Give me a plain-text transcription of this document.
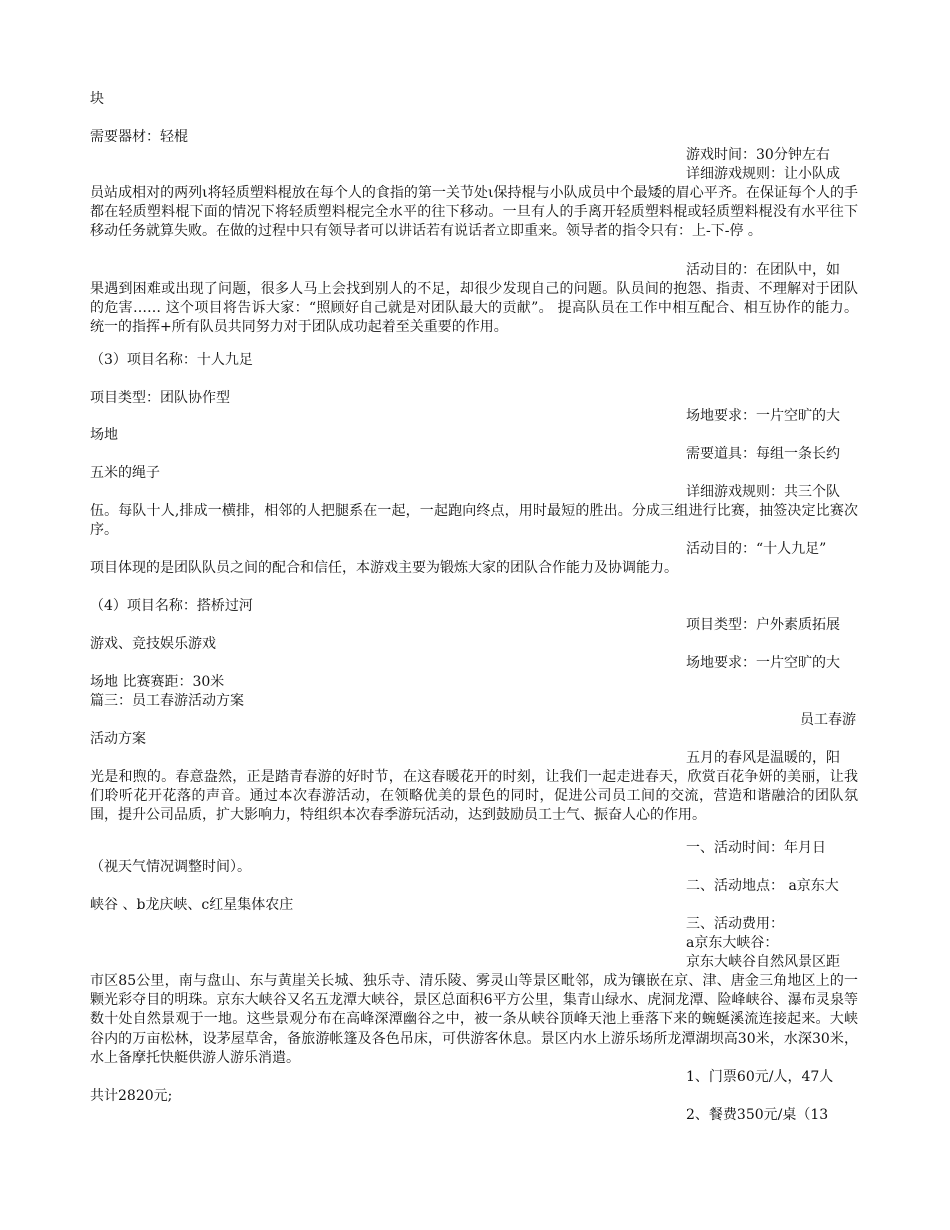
块
需要器材：轻棍
游戏时间：30分钟左右
详细游戏规则：让小队成
员站成相对的两列ι将轻质塑料棍放在每个人的食指的第一关节处ι保持棍与小队成员中个最矮的眉心平齐。在保证每个人的手都在轻质塑料棍下面的情况下将轻质塑料棍完全水平的往下移动。一旦有人的手离开轻质塑料棍或轻质塑料棍没有水平往下移动任务就算失败。在做的过程中只有领导者可以讲话若有说话者立即重来。领导者的指令只有：上-下-停 。
活动目的：在团队中，如
果遇到困难或出现了问题，很多人马上会找到别人的不足，却很少发现自己的问题。队员间的抱怨、指责、不理解对于团队的危害…… 这个项目将告诉大家：“照顾好自己就是对团队最大的贡献”。 提高队员在工作中相互配合、相互协作的能力。 统一的指挥+所有队员共同努力对于团队成功起着至关重要的作用。
（3）项目名称：十人九足
项目类型：团队协作型
场地要求：一片空旷的大
场地
需要道具：每组一条长约
五米的绳子
详细游戏规则：共三个队
伍。每队十人,排成一横排，相邻的人把腿系在一起，一起跑向终点，用时最短的胜出。分成三组进行比赛，抽签决定比赛次序。
活动目的：“十人九足”
项目体现的是团队队员之间的配合和信任，本游戏主要为锻炼大家的团队合作能力及协调能力。
（4）项目名称：搭桥过河
项目类型：户外素质拓展
游戏、竞技娱乐游戏
场地要求：一片空旷的大
场地 比赛赛距：30米
篇三：员工春游活动方案
员工春游
活动方案
五月的春风是温暖的，阳
光是和煦的。春意盎然，正是踏青春游的好时节，在这春暖花开的时刻，让我们一起走进春天，欣赏百花争妍的美丽，让我们聆听花开花落的声音。通过本次春游活动，在领略优美的景色的同时，促进公司员工间的交流，营造和谐融洽的团队氛围，提升公司品质，扩大影响力，特组织本次春季游玩活动，达到鼓励员工士气、振奋人心的作用。
一、活动时间：年月日
（视天气情况调整时间）。
二、活动地点： a京东大
峡谷 、b龙庆峡、c红星集体农庄
三、活动费用：
a京东大峡谷：
京东大峡谷自然风景区距
市区85公里，南与盘山、东与黄崖关长城、独乐寺、清乐陵、雾灵山等景区毗邻，成为镶嵌在京、津、唐金三角地区上的一颗光彩夺目的明珠。京东大峡谷又名五龙潭大峡谷，景区总面积6平方公里，集青山绿水、虎洞龙潭、险峰峡谷、瀑布灵泉等数十处自然景观于一地。这些景观分布在高峰深潭幽谷之中，被一条从峡谷顶峰天池上垂落下来的蜿蜒溪流连接起来。大峡谷内的万亩松林，设茅屋草舍，备旅游帐篷及各色吊床，可供游客休息。景区内水上游乐场所龙潭湖坝高30米，水深30米，水上备摩托快艇供游人游乐消遣。
1、门票60元/人，47人
共计2820元;
2、餐费350元/桌（13
